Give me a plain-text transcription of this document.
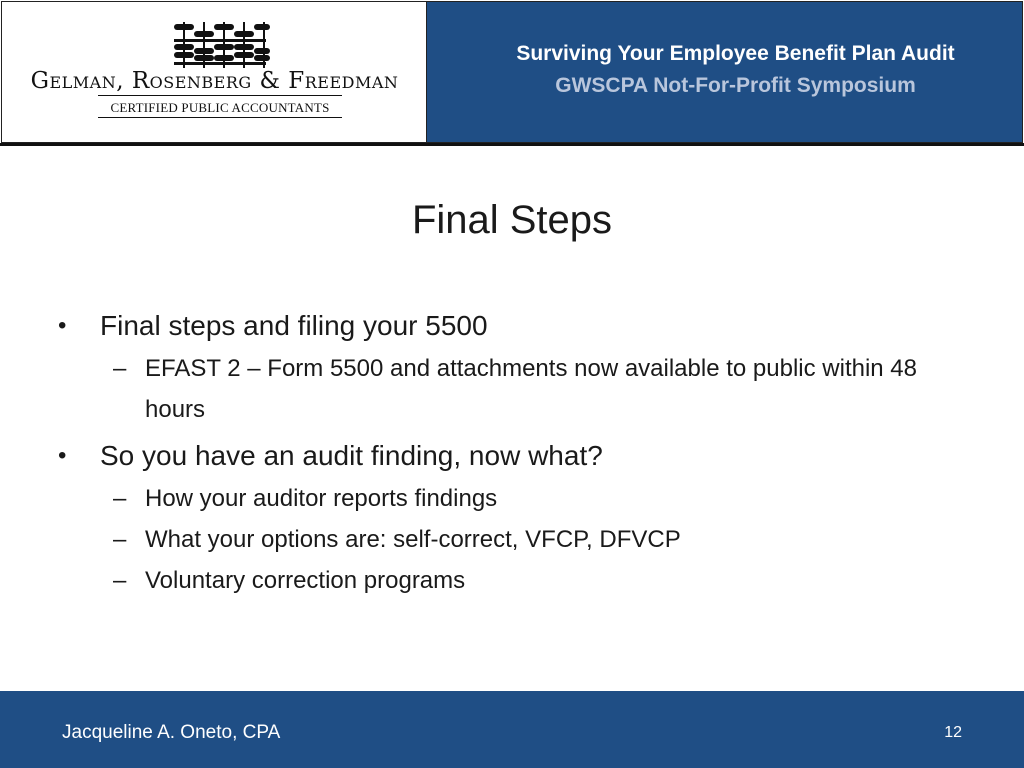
Gelman, Rosenberg & Freedman
CERTIFIED PUBLIC ACCOUNTANTS
Surviving Your Employee Benefit Plan Audit
GWSCPA Not-For-Profit Symposium
Final Steps
• Final steps and filing your 5500
– EFAST 2 – Form 5500 and attachments now available to public within 48 hours
• So you have an audit finding, now what?
– How your auditor reports findings
– What your options are: self-correct, VFCP, DFVCP
– Voluntary correction programs
Jacqueline A. Oneto, CPA	12
